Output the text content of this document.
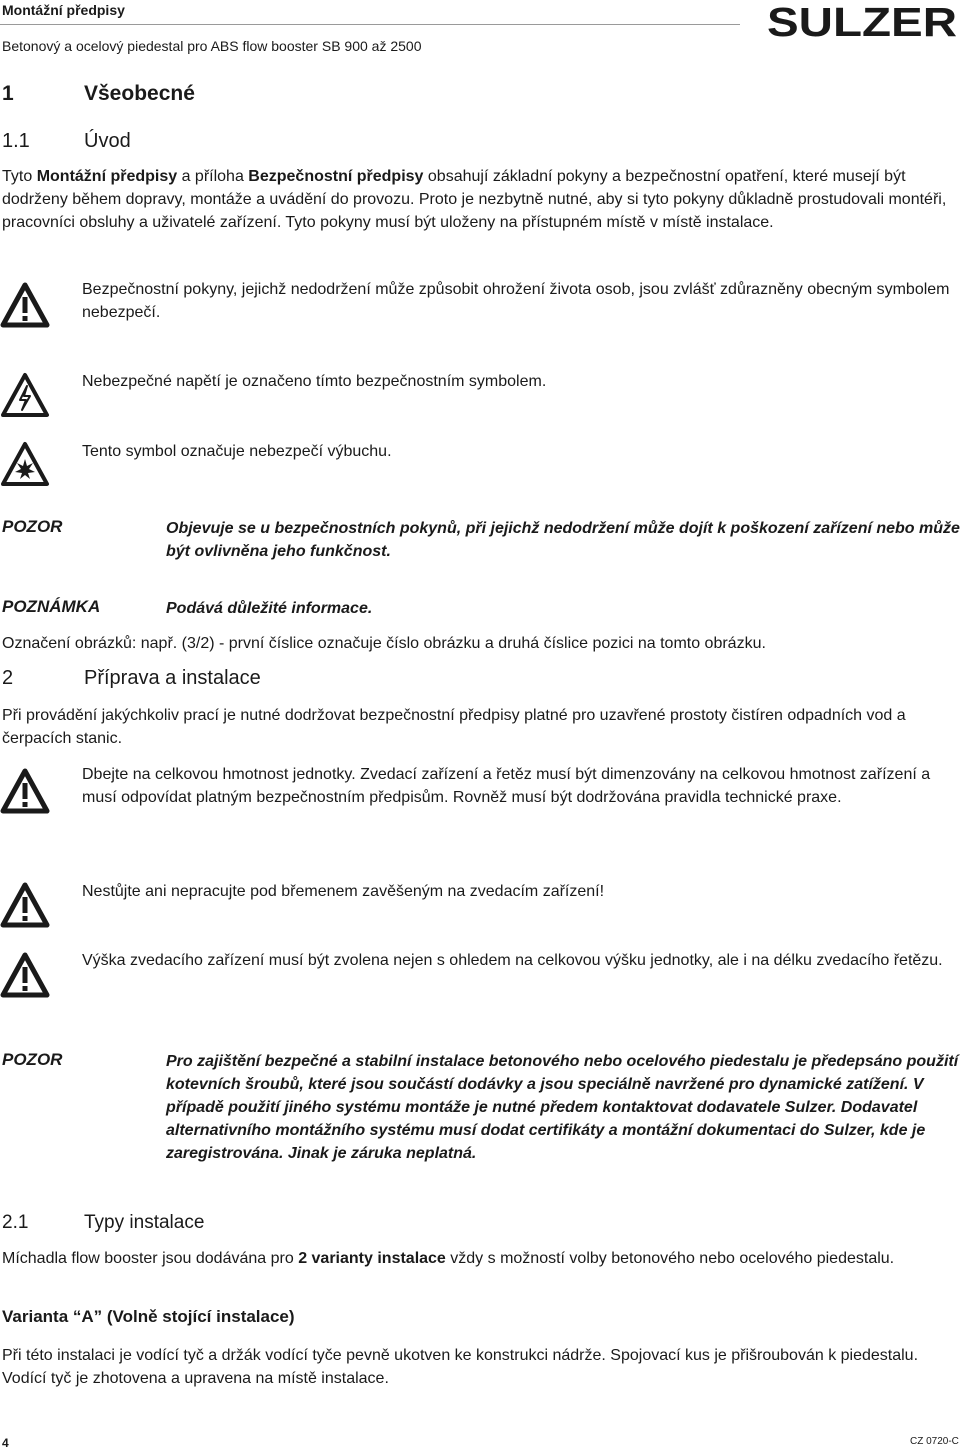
Montážní předpisy
Betonový a ocelový piedestal pro ABS flow booster SB 900 až 2500
SULZER
1	Všeobecné
1.1	Úvod
Tyto Montážní předpisy a příloha Bezpečnostní předpisy obsahují základní pokyny a bezpečnostní opatření, které musejí být dodrženy během dopravy, montáže a uvádění do provozu. Proto je nezbytně nutné, aby si tyto pokyny důkladně prostudovali montéři, pracovníci obsluhy a uživatelé zařízení. Tyto pokyny musí být uloženy na přístupném místě v místě instalace.
Bezpečnostní pokyny, jejichž nedodržení může způsobit ohrožení života osob, jsou zvlášť zdůrazněny obecným symbolem nebezpečí.
Nebezpečné napětí je označeno tímto bezpečnostním symbolem.
Tento symbol označuje nebezpečí výbuchu.
POZOR	Objevuje se u bezpečnostních pokynů, při jejichž nedodržení může dojít k poškození zařízení nebo může být ovlivněna jeho funkčnost.
POZNÁMKA	Podává důležité informace.
Označení obrázků: např. (3/2) - první číslice označuje číslo obrázku a druhá číslice pozici na tomto obrázku.
2	Příprava a instalace
Při provádění jakýchkoliv prací je nutné dodržovat bezpečnostní předpisy platné pro uzavřené prostoty čistíren odpadních vod a čerpacích stanic.
Dbejte na celkovou hmotnost jednotky. Zvedací zařízení a řetěz musí být dimenzovány na celkovou hmotnost zařízení a musí odpovídat platným bezpečnostním předpisům. Rovněž musí být dodržována pravidla technické praxe.
Nestůjte ani nepracujte pod břemenem zavěšeným na zvedacím zařízení!
Výška zvedacího zařízení musí být zvolena nejen s ohledem na celkovou výšku jednotky, ale i na délku zvedacího řetězu.
POZOR	Pro zajištění bezpečné a stabilní instalace betonového nebo ocelového piedestalu je předepsáno použití kotevních šroubů, které jsou součástí dodávky a jsou speciálně navržené pro dynamické zatížení. V případě použití jiného systému montáže je nutné předem kontaktovat dodavatele Sulzer. Dodavatel alternativního montážního systému musí dodat certifikáty a montážní dokumentaci do Sulzer, kde je zaregistrována. Jinak je záruka neplatná.
2.1	Typy instalace
Míchadla flow booster jsou dodávána pro 2 varianty instalace vždy s možností volby betonového nebo ocelového piedestalu.
Varianta “A” (Volně stojící instalace)
Při této instalaci je vodící tyč a držák vodící tyče pevně ukotven ke konstrukci nádrže. Spojovací kus je přišroubován k piedestalu. Vodící tyč je zhotovena a upravena na místě instalace.
4	CZ 0720-C
